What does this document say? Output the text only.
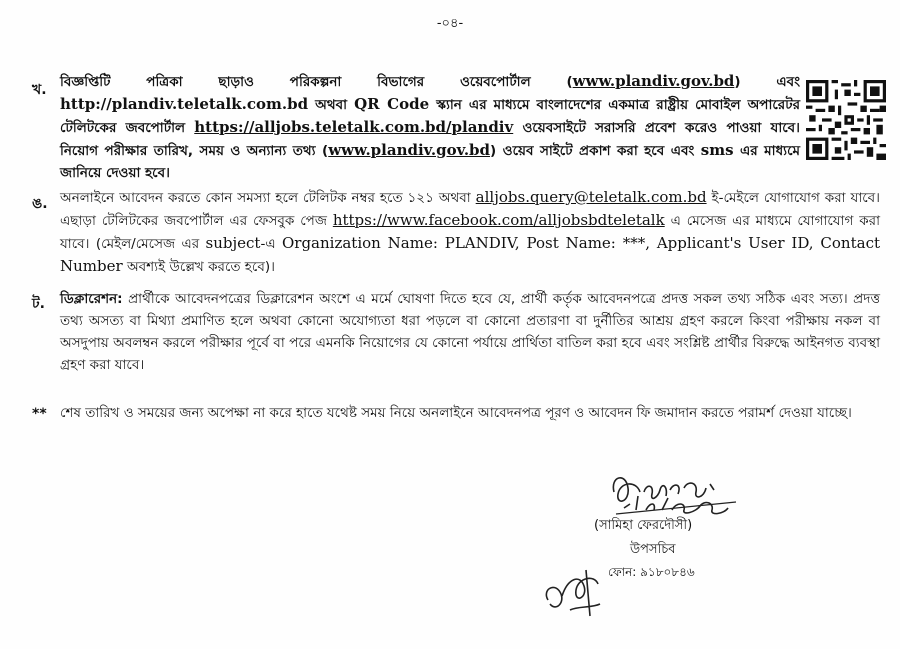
-০৪-
খ. বিজ্ঞপ্তিটি পত্রিকা ছাড়াও পরিকল্পনা বিভাগের ওয়েবপোর্টাল (www.plandiv.gov.bd) এবং http://plandiv.teletalk.com.bd অথবা QR Code স্ক্যান এর মাধ্যমে বাংলাদেশের একমাত্র রাষ্ট্রীয় মোবাইল অপারেটর টেলিটকের জবপোর্টাল https://alljobs.teletalk.com.bd/plandiv ওয়েবসাইটে সরাসরি প্রবেশ করেও পাওয়া যাবে। নিয়োগ পরীক্ষার তারিখ, সময় ও অন্যান্য তথ্য (www.plandiv.gov.bd) ওয়েব সাইটে প্রকাশ করা হবে এবং sms এর মাধ্যমে জানিয়ে দেওয়া হবে।
ঙ. অনলাইনে আবেদন করতে কোন সমস্যা হলে টেলিটক নম্বর হতে ১২১ অথবা alljobs.query@teletalk.com.bd ই-মেইলে যোগাযোগ করা যাবে। এছাড়া টেলিটকের জবপোর্টাল এর ফেসবুক পেজ https://www.facebook.com/alljobsbdteletalk এ মেসেজ এর মাধ্যমে যোগাযোগ করা যাবে। (মেইল/মেসেজ এর subject-এ Organization Name: PLANDIV, Post Name: ***, Applicant's User ID, Contact Number অবশ্যই উল্লেখ করতে হবে)।
ট. ডিক্লারেশন: প্রার্থীকে আবেদনপত্রের ডিক্লারেশন অংশে এ মর্মে ঘোষণা দিতে হবে যে, প্রার্থী কর্তৃক আবেদনপত্রে প্রদত্ত সকল তথ্য সঠিক এবং সত্য। প্রদত্ত তথ্য অসত্য বা মিথ্যা প্রমাণিত হলে অথবা কোনো অযোগ্যতা ধরা পড়লে বা কোনো প্রতারণা বা দুর্নীতির আশ্রয় গ্রহণ করলে কিংবা পরীক্ষায় নকল বা অসদুপায় অবলম্বন করলে পরীক্ষার পূর্বে বা পরে এমনকি নিয়োগের যে কোনো পর্যায়ে প্রার্থিতা বাতিল করা হবে এবং সংশ্লিষ্ট প্রার্থীর বিরুদ্ধে আইনগত ব্যবস্থা গ্রহণ করা যাবে।
** শেষ তারিখ ও সময়ের জন্য অপেক্ষা না করে হাতে যথেষ্ট সময় নিয়ে অনলাইনে আবেদনপত্র পূরণ ও আবেদন ফি জমাদান করতে পরামর্শ দেওয়া যাচ্ছে।
(সামিহা ফেরদৌসী)
উপসচিব
ফোন: ৯১৮০৮৪৬
